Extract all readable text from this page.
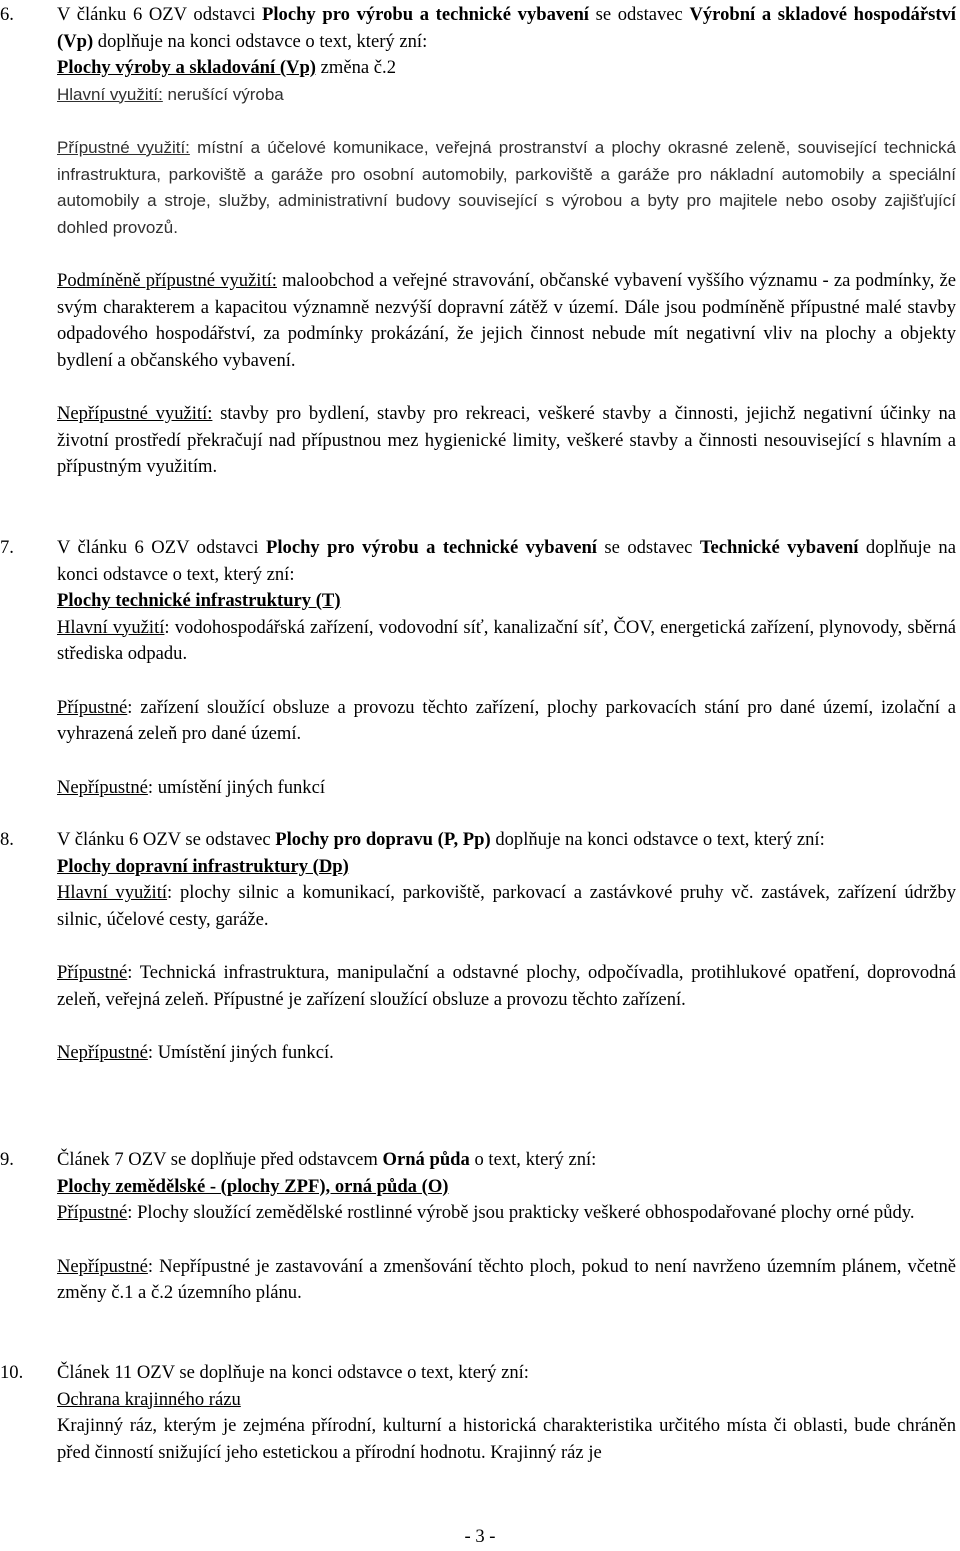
6. V článku 6 OZV odstavci Plochy pro výrobu a technické vybavení se odstavec Výrobní a skladové hospodářství (Vp) doplňuje na konci odstavce o text, který zní:

Plochy výroby a skladování (Vp) změna č.2

Hlavní využití: nerušící výroba

Přípustné využití: místní a účelové komunikace, veřejná prostranství a plochy okrasné zeleně, související technická infrastruktura, parkoviště a garáže pro osobní automobily, parkoviště a garáže pro nákladní automobily a speciální automobily a stroje, služby, administrativní budovy související s výrobou a byty pro majitele nebo osoby zajišťující dohled provozů.

Podmíněně přípustné využití: maloobchod a veřejné stravování, občanské vybavení vyššího významu - za podmínky, že svým charakterem a kapacitou významně nezvýší dopravní zátěž v území. Dále jsou podmíněně přípustné malé stavby odpadového hospodářství, za podmínky prokázání, že jejich činnost nebude mít negativní vliv na plochy a objekty bydlení a občanského vybavení.

Nepřípustné využití: stavby pro bydlení, stavby pro rekreaci, veškeré stavby a činnosti, jejichž negativní účinky na životní prostředí překračují nad přípustnou mez hygienické limity, veškeré stavby a činnosti nesouvisející s hlavním a přípustným využitím.

7. V článku 6 OZV odstavci Plochy pro výrobu a technické vybavení se odstavec Technické vybavení doplňuje na konci odstavce o text, který zní:

Plochy technické infrastruktury (T)

Hlavní využití: vodohospodářská zařízení, vodovodní síť, kanalizační síť, ČOV, energetická zařízení, plynovody, sběrná střediska odpadu.

Přípustné: zařízení sloužící obsluze a provozu těchto zařízení, plochy parkovacích stání pro dané území, izolační a vyhrazená zeleň pro dané území.

Nepřípustné: umístění jiných funkcí

8. V článku 6 OZV se odstavec Plochy pro dopravu (P, Pp) doplňuje na konci odstavce o text, který zní:

Plochy dopravní infrastruktury (Dp)

Hlavní využití: plochy silnic a komunikací, parkoviště, parkovací a zastávkové pruhy vč. zastávek, zařízení údržby silnic, účelové cesty, garáže.

Přípustné: Technická infrastruktura, manipulační a odstavné plochy, odpočívadla, protihlukové opatření, doprovodná zeleň, veřejná zeleň. Přípustné je zařízení sloužící obsluze a provozu těchto zařízení.

Nepřípustné: Umístění jiných funkcí.

9. Článek 7 OZV se doplňuje před odstavcem Orná půda o text, který zní:

Plochy zemědělské - (plochy ZPF), orná půda (O)

Přípustné: Plochy sloužící zemědělské rostlinné výrobě jsou prakticky veškeré obhospodařované plochy orné půdy.

Nepřípustné: Nepřípustné je zastavování a zmenšování těchto ploch, pokud to není navrženo územním plánem, včetně změny č.1 a č.2 územního plánu.

10. Článek 11 OZV se doplňuje na konci odstavce o text, který zní:

Ochrana krajinného rázu

Krajinný ráz, kterým je zejména přírodní, kulturní a historická charakteristika určitého místa či oblasti, bude chráněn před činností snižující jeho estetickou a přírodní hodnotu. Krajinný ráz je

- 3 -
